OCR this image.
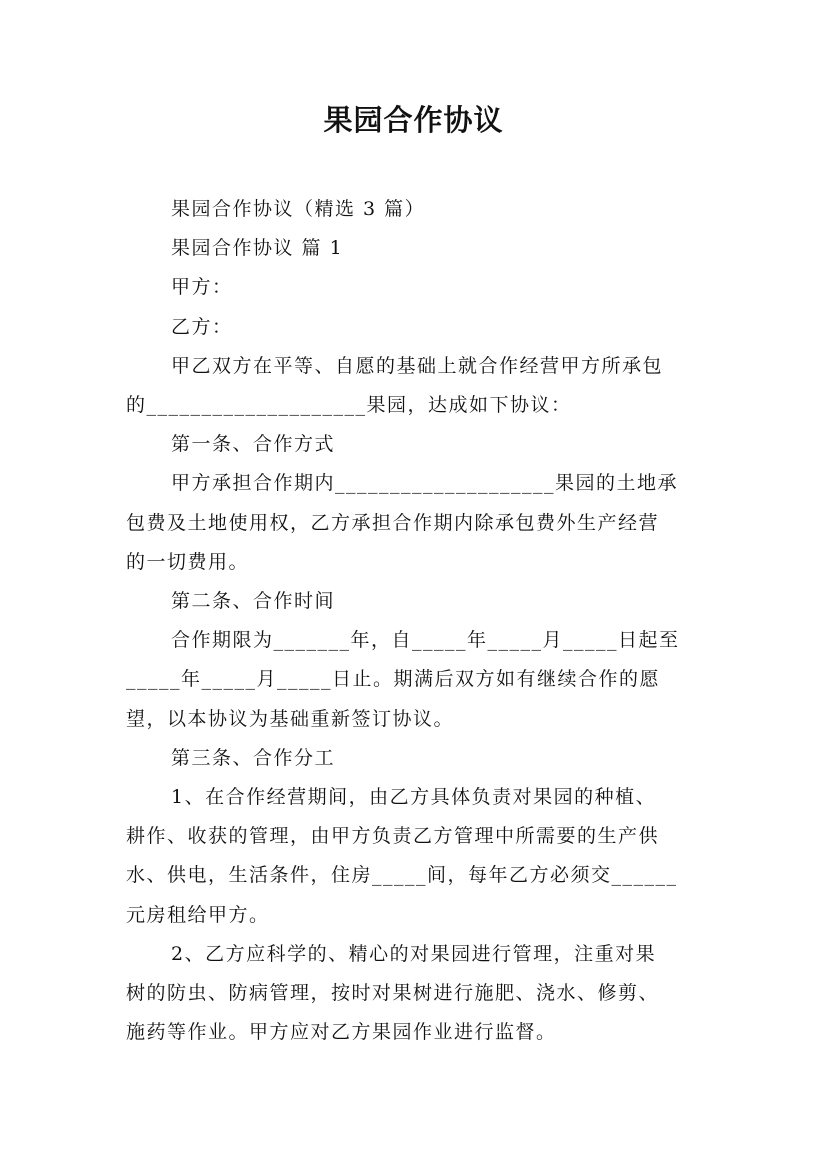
果园合作协议

果园合作协议（精选 3 篇）

果园合作协议 篇 1

甲方：

乙方：

甲乙双方在平等、自愿的基础上就合作经营甲方所承包

的____________________果园，达成如下协议：

第一条、合作方式

甲方承担合作期内____________________果园的土地承

包费及土地使用权，乙方承担合作期内除承包费外生产经营

的一切费用。

第二条、合作时间

合作期限为_______年，自_____年_____月_____日起至

_____年_____月_____日止。期满后双方如有继续合作的愿

望，以本协议为基础重新签订协议。

第三条、合作分工

1、在合作经营期间，由乙方具体负责对果园的种植、

耕作、收获的管理，由甲方负责乙方管理中所需要的生产供

水、供电，生活条件，住房_____间，每年乙方必须交______

元房租给甲方。

2、乙方应科学的、精心的对果园进行管理，注重对果

树的防虫、防病管理，按时对果树进行施肥、浇水、修剪、

施药等作业。甲方应对乙方果园作业进行监督。
